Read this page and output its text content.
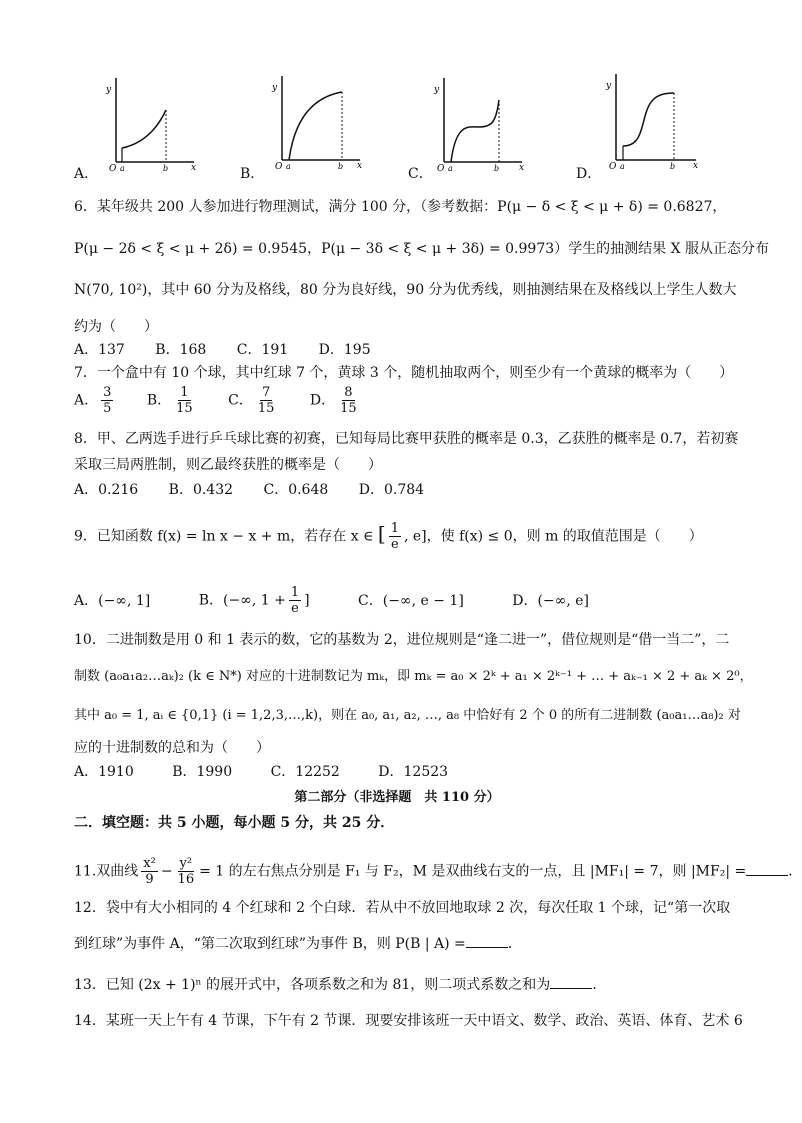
y
x
O a	b
y
x
O a	b
y
x
O a	b
y
x
O a	b
A．	B．	C．	D．
6．某年级共 200 人参加进行物理测试，满分 100 分，（参考数据：P(μ − δ < ξ < μ + δ) = 0.6827，
P(μ − 2δ < ξ < μ + 2δ) = 0.9545，P(μ − 3δ < ξ < μ + 3δ) = 0.9973）学生的抽测结果 X 服从正态分布
N(70, 10²)，其中 60 分为及格线，80 分为良好线，90 分为优秀线，则抽测结果在及格线以上学生人数大
约为（　　）
A．137 B．168 C．191 D．195
7．一个盒中有 10 个球，其中红球 7 个，黄球 3 个，随机抽取两个，则至少有一个黄球的概率为（　　）
A． $\frac{3}{5}$ B． $\frac{1}{15}$ C． $\frac{7}{15}$ D． $\frac{8}{15}$
8．甲、乙两选手进行乒乓球比赛的初赛，已知每局比赛甲获胜的概率是 0.3，乙获胜的概率是 0.7，若初赛
采取三局两胜制，则乙最终获胜的概率是（　　）
A．0.216 B．0.432 C．0.648 D．0.784
9．已知函数 f(x) = ln x − x + m，若存在 x ∈ [ $\frac{1}{e}$ , e]，使 f(x) ≤ 0，则 m 的取值范围是（　　）
A．(−∞, 1]	B．(−∞, $1 + \frac{1}{e}$ ]	C．(−∞, e − 1]	D．(−∞, e]
10．二进制数是用 0 和 1 表示的数，它的基数为 2，进位规则是“逢二进一”，借位规则是“借一当二”，二
制数 (a₀a₁a₂…aₖ)₂ (k ∈ N*) 对应的十进制数记为 mₖ，即 mₖ = a₀ × 2ᵏ + a₁ × 2ᵏ⁻¹ + … + aₖ₋₁ × 2 + aₖ × 2⁰，
其中 a₀ = 1, aᵢ ∈ {0,1} (i = 1,2,3,…,k)，则在 a₀, a₁, a₂, …, a₈ 中恰好有 2 个 0 的所有二进制数 (a₀a₁…a₈)₂ 对
应的十进制数的总和为（　　）
A．1910	B．1990	C．12252	D．12523
第二部分（非选择题　共 110 分）
二．填空题：共 5 小题，每小题 5 分，共 25 分．
11.双曲线 $\frac{\text{x²}}{9} - \frac{\text{y²}}{16} = 1$ 的左右焦点分别是 F₁ 与 F₂，M 是双曲线右支的一点，且 |MF₁| = 7，则 |MF₂| =	．
12．袋中有大小相同的 4 个红球和 2 个白球．若从中不放回地取球 2 次，每次任取 1 个球，记“第一次取
到红球”为事件 A，“第二次取到红球”为事件 B，则 P(B | A) =	．
13．已知 (2x + 1)ⁿ 的展开式中，各项系数之和为 81，则二项式系数之和为	．
14．某班一天上午有 4 节课，下午有 2 节课．现要安排该班一天中语文、数学、政治、英语、体育、艺术 6
